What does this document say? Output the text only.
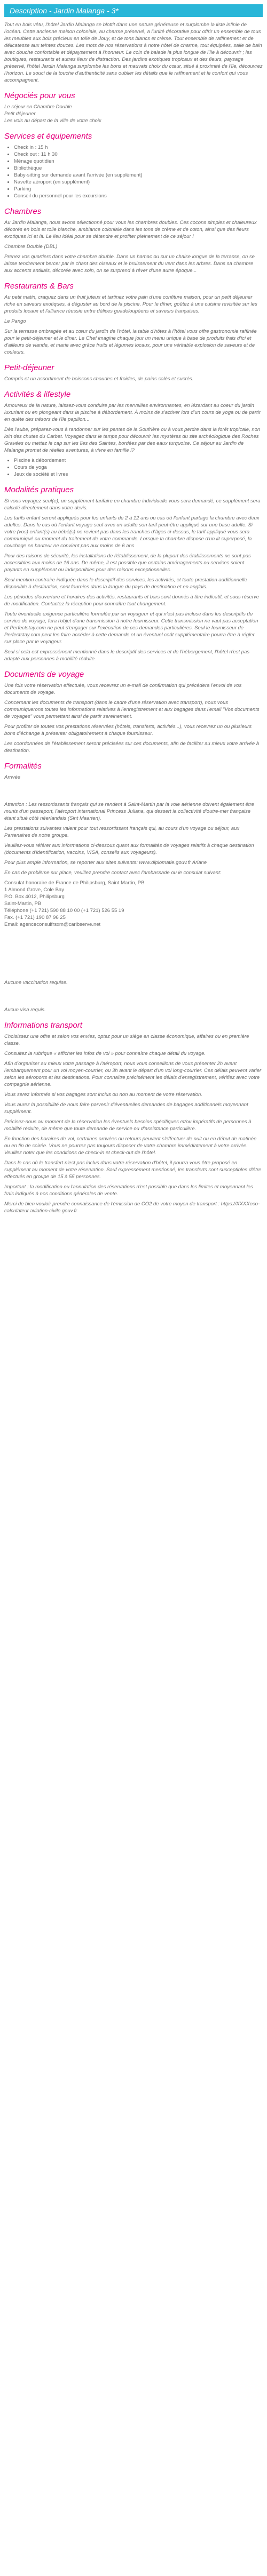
Description - Jardin Malanga - 3*

Tout en bois vêtu, l'hôtel Jardin Malanga se blottit dans une nature généreuse et surplombe la liste infinie de l'océan. Cette ancienne maison coloniale, au charme préservé, a l'unité décorative pour offrir un ensemble de tous les meubles aux bois précieux en toile de Jouy, et de tons blancs et crème. Tout ensemble de raffinement et de délicatesse aux teintes douces. Les mots de nos réservations à notre hôtel de charme, tout équipées, salle de bain avec douche confortable et dépaysement à l'honneur. Le coin de balade la plus longue de l'île à découvrir ; les boutiques, restaurants et autres lieux de distraction. Des jardins exotiques tropicaux et des fleurs, paysage préservé, l'hôtel Jardin Malanga surplombe les bons et mauvais choix du cœur, situé à proximité de l'île, découvrez l'horizon. Le souci de la touche d'authenticité sans oublier les détails que le raffinement et le confort qui vous accompagnent.

Négociés pour vous

Le séjour en Chambre Double

Petit déjeuner

Les vols au départ de la ville de votre choix

Services et équipements
• Check in : 15 h
• Check out : 11 h 30
• Ménage quotidien
• Bibliothèque
• Baby-sitting sur demande avant l'arrivée (en supplément)
• Navette aéroport (en supplément)
• Parking
• Conseil du personnel pour les excursions
Chambres

Au Jardin Malanga, nous avons sélectionné pour vous les chambres doubles. Ces cocons simples et chaleureux décorés en bois et toile blanche, ambiance coloniale dans les tons de crème et de coton, ainsi que des fleurs exotiques ici et là. Le lieu idéal pour se détendre et profiter pleinement de ce séjour !

Chambre Double (DBL)

Prenez vos quartiers dans votre chambre double. Dans un hamac ou sur un chaise longue de la terrasse, on se laisse tendrement bercer par le chant des oiseaux et le bruissement du vent dans les arbres. Dans sa chambre aux accents antillais, décorée avec soin, on se surprend à rêver d'une autre époque...

Restaurants & Bars

Au petit matin, craquez dans un fruit juteux et tartinez votre pain d'une confiture maison, pour un petit déjeuner riche en saveurs exotiques, à déguster au bord de la piscine. Pour le dîner, goûtez à une cuisine revisitée sur les produits locaux et l'alliance réussie entre délices guadeloupéens et saveurs françaises.

Le Pango

Sur la terrasse ombragée et au cœur du jardin de l'hôtel, la table d'hôtes à l'hôtel vous offre gastronomie raffinée pour le petit-déjeuner et le dîner. Le Chef imagine chaque jour un menu unique à base de produits frais d'ici et d'ailleurs de viande, et marie avec grâce fruits et légumes locaux, pour une véritable explosion de saveurs et de couleurs.

Petit-déjeuner

Compris et un assortiment de boissons chaudes et froides, de pains salés et sucrés.

Activités & lifestyle

Amoureux de la nature, laissez-vous conduire par les merveilles environnantes, en lézardant au coeur du jardin luxuriant ou en plongeant dans la piscine à débordement. À moins de s'activer lors d'un cours de yoga ou de partir en quête des trésors de l'île papillon...

Dès l'aube, préparez-vous à randonner sur les pentes de la Soufrière ou à vous perdre dans la forêt tropicale, non loin des chutes du Carbet. Voyagez dans le temps pour découvrir les mystères du site archéologique des Roches Gravées ou mettez le cap sur les îles des Saintes, bordées par des eaux turquoise. Ce séjour au Jardin de Malanga promet de réelles aventures, à vivre en famille !?

• Piscine à débordement
• Cours de yoga
• Jeux de société et livres
Modalités pratiques

Si vous voyagez seul(e), un supplément tarifaire en chambre individuelle vous sera demandé, ce supplément sera calculé directement dans votre devis.

Les tarifs enfant seront appliqués pour les enfants de 2 à 12 ans ou cas où l'enfant partage la chambre avec deux adultes. Dans le cas où l'enfant voyage seul avec un adulte son tarif peut-être appliqué sur une base adulte. Si votre (vos) enfant(s) au bébé(s) ne revient pas dans les tranches d'âges ci-dessus, le tarif appliqué vous sera communiqué au moment du traitement de votre commande. Lorsque la chambre dispose d'un lit superposé, la couchage en hauteur ne convient pas aux moins de 6 ans.

Pour des raisons de sécurité, les installations de l'établissement, de la plupart des établissements ne sont pas accessibles aux moins de 16 ans. De même, il est possible que certains aménagements ou services soient payants en supplément ou indisponibles pour des raisons exceptionnelles.

Seul mention contraire indiquée dans le descriptif des services, les activités, et toute prestation additionnelle disponible à destination, sont fournies dans la langue du pays de destination et en anglais.

Les périodes d'ouverture et horaires des activités, restaurants et bars sont donnés à titre indicatif, et sous réserve de modification. Contactez la réception pour connaître tout changement.

Toute éventuelle exigence particulière formulée par un voyageur et qui n'est pas incluse dans les descriptifs du service de voyage, fera l'objet d'une transmission à notre fournisseur. Cette transmission ne vaut pas acceptation et Perfectstay.com ne peut s'engager sur l'exécution de ces demandes particulières. Seul le fournisseur de Perfectstay.com peut les faire accéder à cette demande et un éventuel coût supplémentaire pourra être à régler sur place par le voyageur.

Seul si cela est expressément mentionné dans le descriptif des services et de l'hébergement, l'hôtel n'est pas adapté aux personnes à mobilité réduite.

Documents de voyage

Une fois votre réservation effectuée, vous recevrez un e-mail de confirmation qui précédera l'envoi de vos documents de voyage.

Concernant les documents de transport (dans le cadre d'une réservation avec transport), nous vous communiquerons toutes les informations relatives à l'enregistrement et aux bagages dans l'email "Vos documents de voyages" vous permettant ainsi de partir sereinement.

Pour profiter de toutes vos prestations réservées (hôtels, transferts, activités...), vous recevrez un ou plusieurs bons d'échange à présenter obligatoirement à chaque fournisseur.

Les coordonnées de l'établissement seront précisées sur ces documents, afin de faciliter au mieux votre arrivée à destination.

Formalités

Arrivée

Attention : Les ressortissants français qui se rendent à Saint-Martin par la voie aérienne doivent également être munis d'un passeport, l'aéroport international Princess Juliana, qui dessert la collectivité d'outre-mer française étant situé côté néerlandais (Sint Maarten).

Les prestations suivantes valent pour tout ressortissant français qui, au cours d'un voyage ou séjour, aux Partenaires de notre groupe.

Veuillez-vous référer aux informations ci-dessous quant aux formalités de voyages relatifs à chaque destination (documents d'identification, vaccins, VISA, conseils aux voyageurs).

Pour plus ample information, se reporter aux sites suivants: www.diplomatie.gouv.fr Ariane

En cas de problème sur place, veuillez prendre contact avec l'ambassade ou le consulat suivant:

Consulat honoraire de France de Philipsburg, Saint Martin, PB
1 Almond Grove, Cole Bay
P.O. Box 4012, Philipsburg
Saint-Martin, PB
Téléphone (+1 721) 590 88 10 00 (+1 721) 526 55 19
Fax. (+1 721) 190 87 96 25
Email: agenceconsulfrsxm@caribserve.net

Aucune vaccination requise.

Aucun visa requis.

Informations transport

Choisissez une offre et selon vos envies, optez pour un siège en classe économique, affaires ou en première classe.

Consultez la rubrique « afficher les infos de vol » pour connaître chaque détail du voyage.

Afin d'organiser au mieux votre passage à l'aéroport, nous vous conseillons de vous présenter 2h avant l'embarquement pour un vol moyen-courrier, ou 3h avant le départ d'un vol long-courrier. Ces délais peuvent varier selon les aéroports et les destinations. Pour connaître précisément les délais d'enregistrement, vérifiez avec votre compagnie aérienne.

Vous serez informés si vos bagages sont inclus ou non au moment de votre réservation.

Vous aurez la possibilité de nous faire parvenir d'éventuelles demandes de bagages additionnels moyennant supplément.

Précisez-nous au moment de la réservation les éventuels besoins spécifiques et/ou impératifs de personnes à mobilité réduite, de même que toute demande de service ou d'assistance particulière.

En fonction des horaires de vol, certaines arrivées ou retours peuvent s'effectuer de nuit ou en début de matinée ou en fin de soirée. Vous ne pourrez pas toujours disposer de votre chambre immédiatement à votre arrivée. Veuillez noter que les conditions de check-in et check-out de l'hôtel.

Dans le cas où le transfert n'est pas inclus dans votre réservation d'hôtel, il pourra vous être proposé en supplément au moment de votre réservation. Sauf expressément mentionné, les transferts sont susceptibles d'être effectués en groupe de 15 à 55 personnes.

Important : la modification ou l'annulation des réservations n'est possible que dans les limites et moyennant les frais indiqués à nos conditions générales de vente.

Merci de bien vouloir prendre connaissance de l'émission de CO2 de votre moyen de transport : https://XXXXeco-calculateur.aviation-civile.gouv.fr
